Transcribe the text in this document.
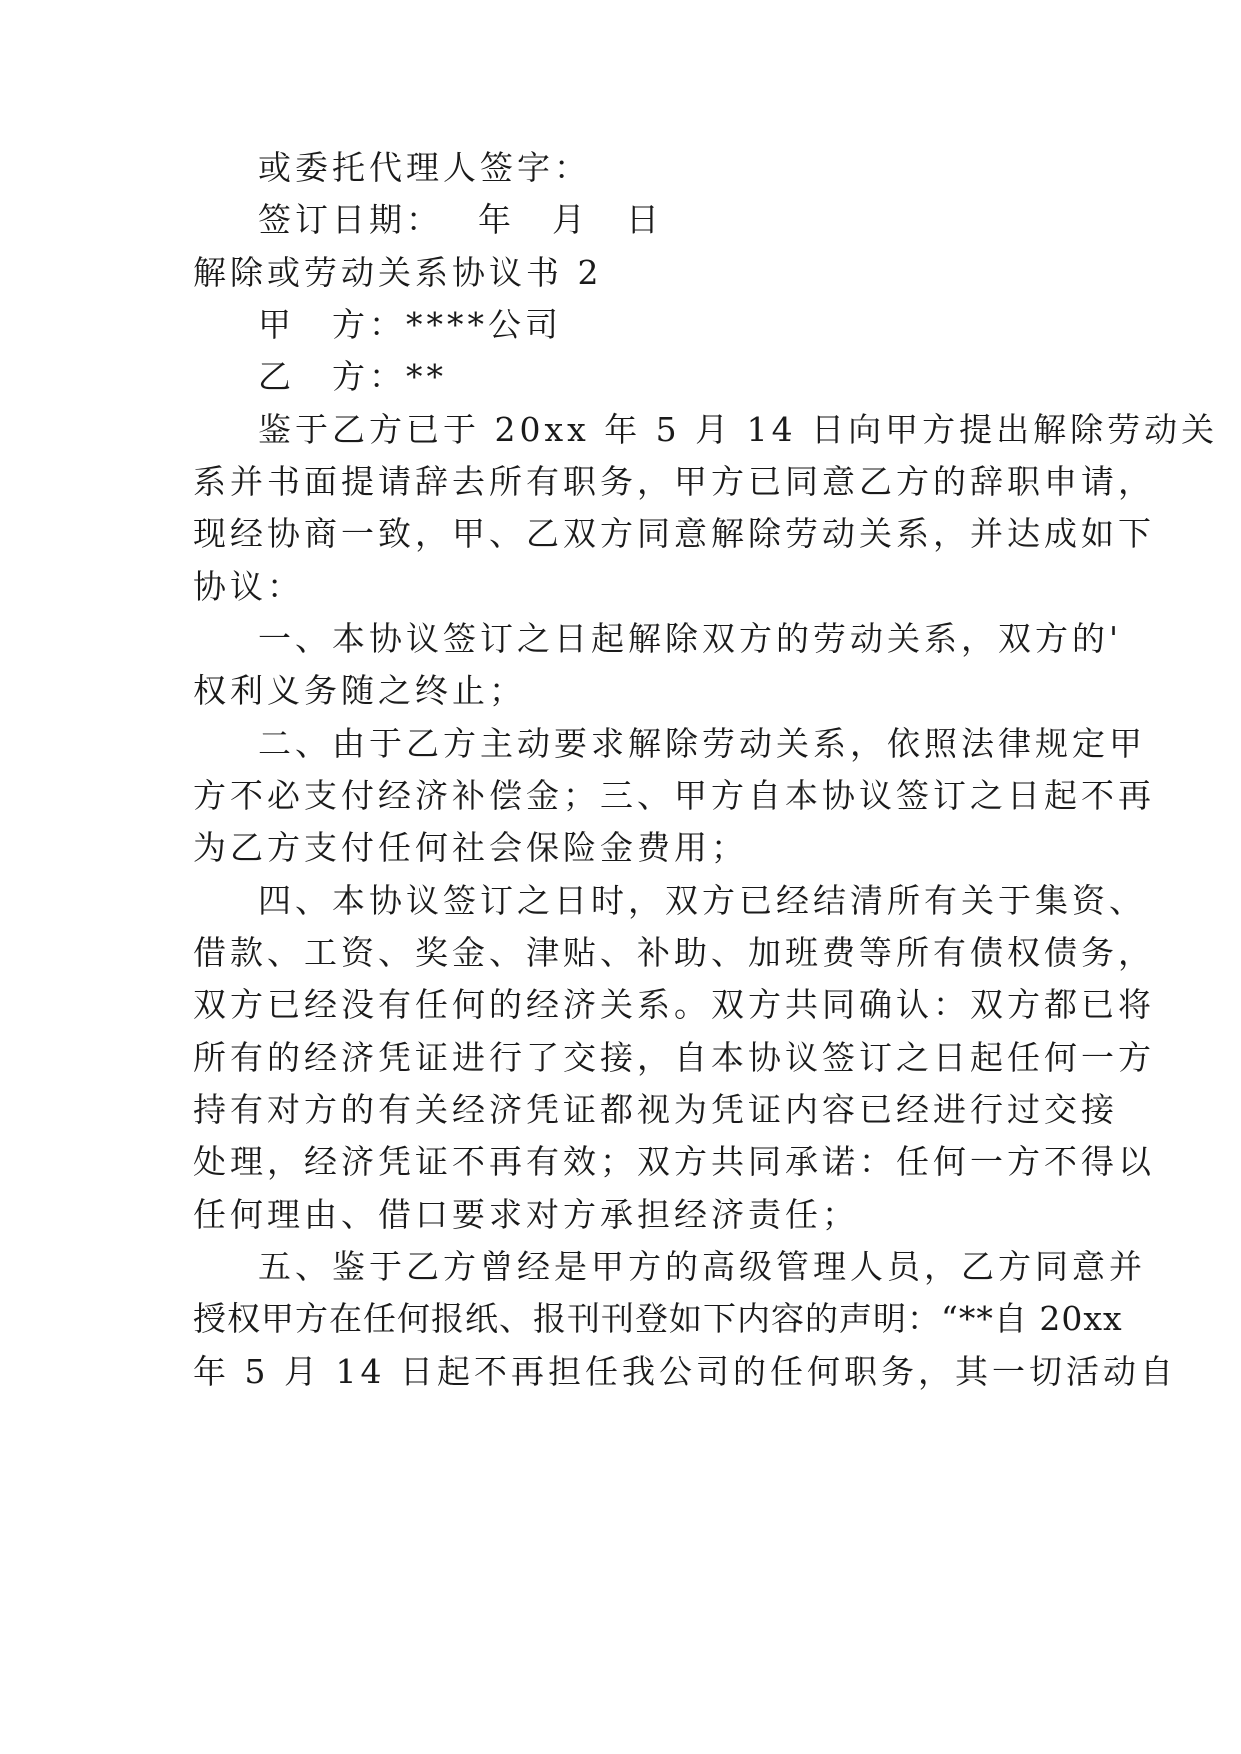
或委托代理人签字：
签订日期：　 年　月　日
解除或劳动关系协议书 2
甲　方：****公司
乙　方：**
鉴于乙方已于 20xx 年 5 月 14 日向甲方提出解除劳动关
系并书面提请辞去所有职务，甲方已同意乙方的辞职申请，
现经协商一致，甲、乙双方同意解除劳动关系，并达成如下
协议：
一、本协议签订之日起解除双方的劳动关系，双方的'
权利义务随之终止；
二、由于乙方主动要求解除劳动关系，依照法律规定甲
方不必支付经济补偿金；三、甲方自本协议签订之日起不再
为乙方支付任何社会保险金费用；
四、本协议签订之日时，双方已经结清所有关于集资、
借款、工资、奖金、津贴、补助、加班费等所有债权债务，
双方已经没有任何的经济关系。双方共同确认：双方都已将
所有的经济凭证进行了交接，自本协议签订之日起任何一方
持有对方的有关经济凭证都视为凭证内容已经进行过交接
处理，经济凭证不再有效；双方共同承诺：任何一方不得以
任何理由、借口要求对方承担经济责任；
五、鉴于乙方曾经是甲方的高级管理人员，乙方同意并
授权甲方在任何报纸、报刊刊登如下内容的声明：“**自 20xx
年 5 月 14 日起不再担任我公司的任何职务，其一切活动自
